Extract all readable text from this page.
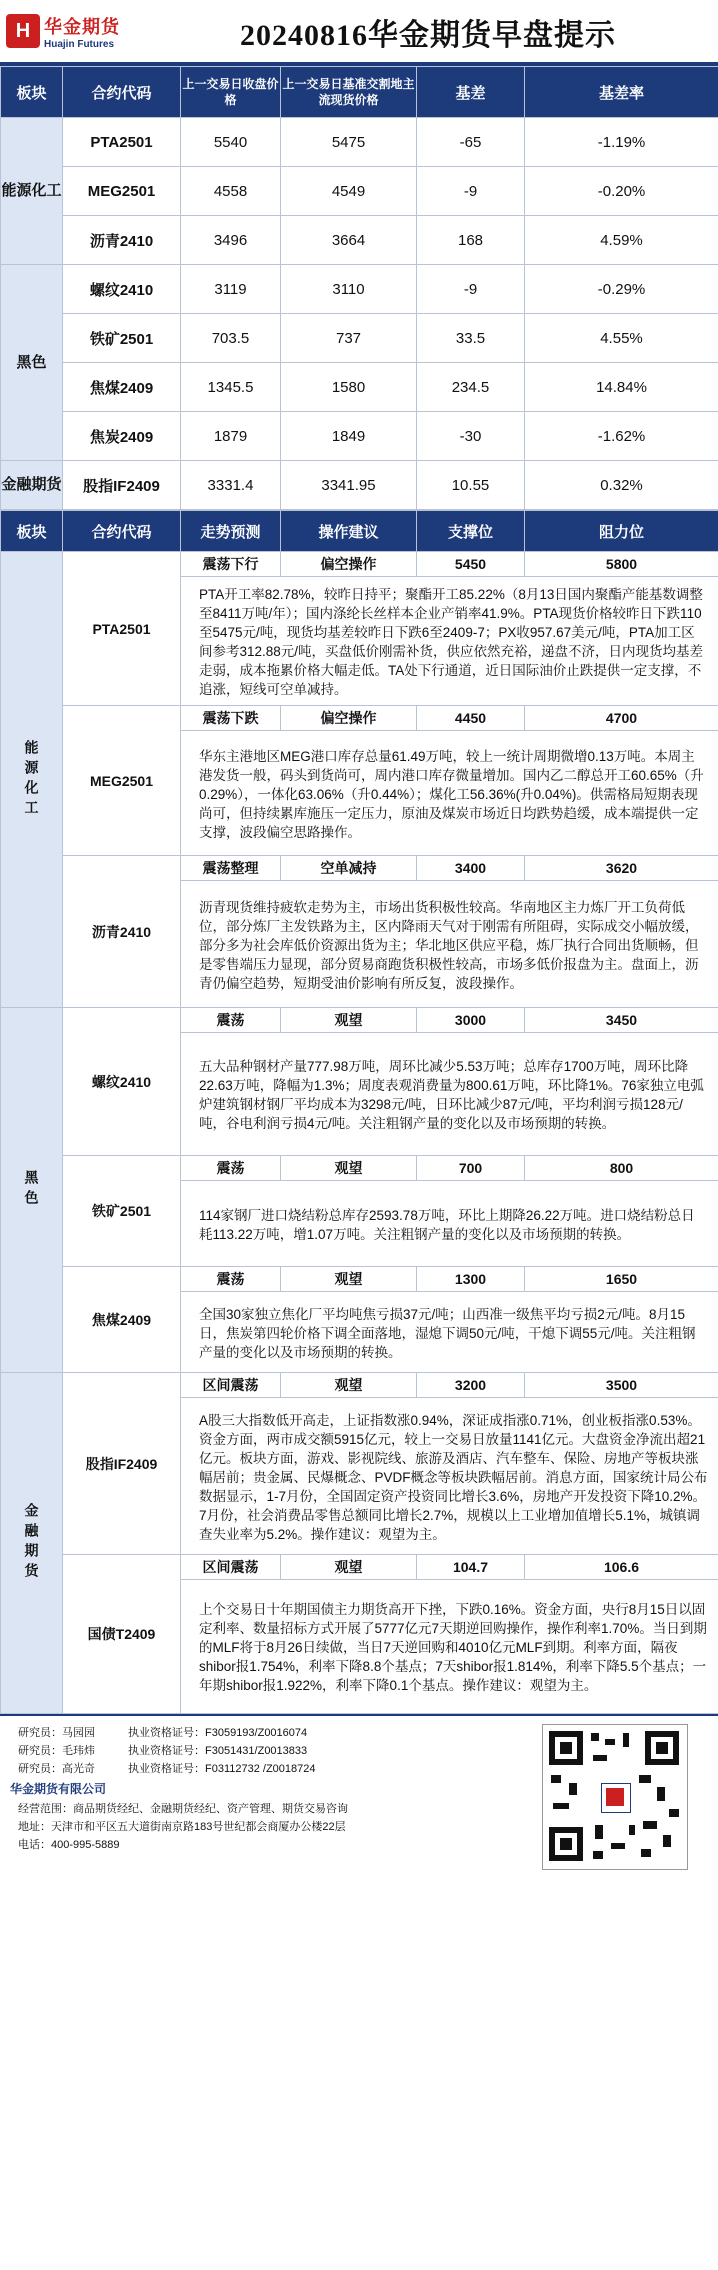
H 华金期货
Huajin Futures	20240816华金期货早盘提示
板块	合约代码	上一交易日收盘价格	上一交易日基准交割地主流现货价格	基差	基差率
能源化工	PTA2501	5540	5475	-65	-1.19%
	MEG2501	4558	4549	-9	-0.20%
	沥青2410	3496	3664	168	4.59%
黑色	螺纹2410	3119	3110	-9	-0.29%
	铁矿2501	703.5	737	33.5	4.55%
	焦煤2409	1345.5	1580	234.5	14.84%
	焦炭2409	1879	1849	-30	-1.62%
金融期货	股指IF2409	3331.4	3341.95	10.55	0.32%
板块	合约代码	走势预测	操作建议	支撑位	阻力位
能源化工	PTA2501	震荡下行	偏空操作	5450	5800
		PTA开工率82.78%，较昨日持平；聚酯开工85.22%（8月13日国内聚酯产能基数调整至8411万吨/年）；国内涤纶长丝样本企业产销率41.9%。PTA现货价格较昨日下跌110至5475元/吨，现货均基差较昨日下跌6至2409-7；PX收957.67美元/吨，PTA加工区间参考312.88元/吨，买盘低价刚需补货，供应依然充裕，递盘不济，日内现货均基差走弱，成本拖累价格大幅走低。TA处下行通道，近日国际油价止跌提供一定支撑，不追涨，短线可空单减持。			
	MEG2501	震荡下跌	偏空操作	4450	4700
		华东主港地区MEG港口库存总量61.49万吨，较上一统计周期微增0.13万吨。本周主港发货一般，码头到货尚可，周内港口库存微量增加。国内乙二醇总开工60.65%（升0.29%），一体化63.06%（升0.44%）；煤化工56.36%(升0.04%)。供需格局短期表现尚可，但持续累库施压一定压力，原油及煤炭市场近日均跌势趋缓，成本端提供一定支撑，波段偏空思路操作。			
	沥青2410	震荡整理	空单减持	3400	3620
		沥青现货维持疲软走势为主，市场出货积极性较高。华南地区主力炼厂开工负荷低位，部分炼厂主发铁路为主，区内降雨天气对于刚需有所阻碍，实际成交小幅放缓，部分多为社会库低价资源出货为主；华北地区供应平稳，炼厂执行合同出货顺畅，但是零售端压力显现，部分贸易商跑货积极性较高，市场多低价报盘为主。盘面上，沥青仍偏空趋势，短期受油价影响有所反复，波段操作。			
黑色	螺纹2410	震荡	观望	3000	3450
		五大品种钢材产量777.98万吨，周环比减少5.53万吨；总库存1700万吨，周环比降22.63万吨，降幅为1.3%；周度表观消费量为800.61万吨，环比降1%。76家独立电弧炉建筑钢材钢厂平均成本为3298元/吨，日环比减少87元/吨，平均利润亏损128元/吨，谷电利润亏损4元/吨。关注粗钢产量的变化以及市场预期的转换。			
	铁矿2501	震荡	观望	700	800
		114家钢厂进口烧结粉总库存2593.78万吨，环比上期降26.22万吨。进口烧结粉总日耗113.22万吨，增1.07万吨。关注粗钢产量的变化以及市场预期的转换。			
	焦煤2409	震荡	观望	1300	1650
		全国30家独立焦化厂平均吨焦亏损37元/吨；山西准一级焦平均亏损2元/吨。8月15日，焦炭第四轮价格下调全面落地，湿熄下调50元/吨，干熄下调55元/吨。关注粗钢产量的变化以及市场预期的转换。			
金融期货	股指IF2409	区间震荡	观望	3200	3500
		A股三大指数低开高走，上证指数涨0.94%，深证成指涨0.71%，创业板指涨0.53%。资金方面，两市成交额5915亿元，较上一交易日放量1141亿元。大盘资金净流出超21亿元。板块方面，游戏、影视院线、旅游及酒店、汽车整车、保险、房地产等板块涨幅居前；贵金属、民爆概念、PVDF概念等板块跌幅居前。消息方面，国家统计局公布数据显示，1-7月份，全国固定资产投资同比增长3.6%，房地产开发投资下降10.2%。7月份，社会消费品零售总额同比增长2.7%，规模以上工业增加值增长5.1%，城镇调查失业率为5.2%。操作建议：观望为主。			
	国债T2409	区间震荡	观望	104.7	106.6
		上个交易日十年期国债主力期货高开下挫，下跌0.16%。资金方面，央行8月15日以固定利率、数量招标方式开展了5777亿元7天期逆回购操作，操作利率1.70%。当日到期的MLF将于8月26日续做，当日7天逆回购和4010亿元MLF到期。利率方面，隔夜shibor报1.754%，利率下降8.8个基点；7天shibor报1.814%，利率下降5.5个基点；一年期shibor报1.922%，利率下降0.1个基点。操作建议：观望为主。			
研究员：马园园	执业资格证号：F3059193/Z0016074
研究员：毛玮炜	执业资格证号：F3051431/Z0013833
研究员：高光奇	执业资格证号：F03112732 /Z0018724
华金期货有限公司
经营范围：商品期货经纪、金融期货经纪、资产管理、期货交易咨询
地址：天津市和平区五大道街南京路183号世纪都会商厦办公楼22层
电话：400-995-5889
